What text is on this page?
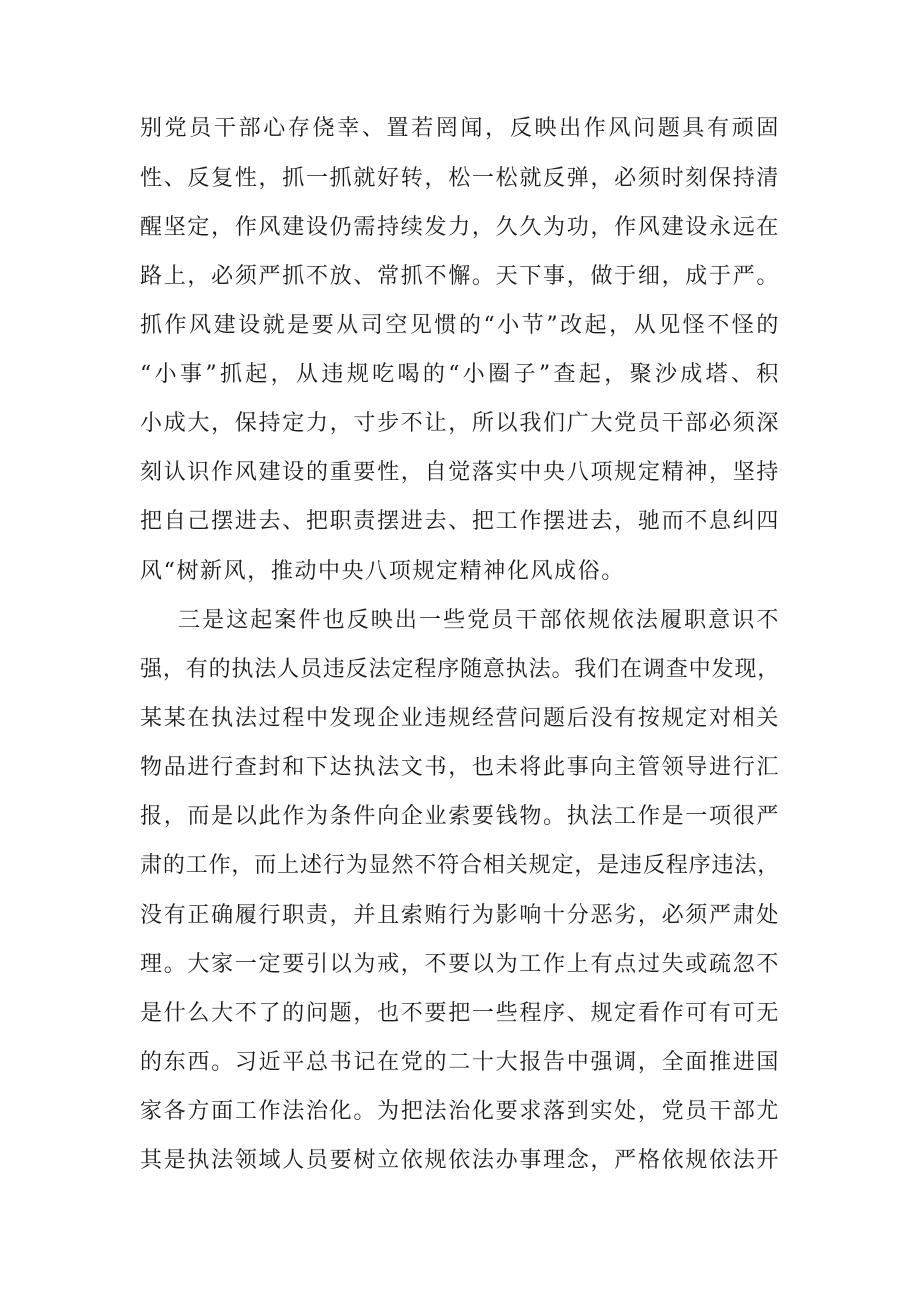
别党员干部心存侥幸、置若罔闻，反映出作风问题具有顽固

性、反复性，抓一抓就好转，松一松就反弹，必须时刻保持清

醒坚定，作风建设仍需持续发力，久久为功，作风建设永远在

路上，必须严抓不放、常抓不懈。天下事，做于细，成于严。

抓作风建设就是要从司空见惯的“小节”改起，从见怪不怪的

“小事”抓起，从违规吃喝的“小圈子”查起，聚沙成塔、积

小成大，保持定力，寸步不让，所以我们广大党员干部必须深

刻认识作风建设的重要性，自觉落实中央八项规定精神，坚持

把自己摆进去、把职责摆进去、把工作摆进去，驰而不息纠四

风“树新风，推动中央八项规定精神化风成俗。

三是这起案件也反映出一些党员干部依规依法履职意识不

强，有的执法人员违反法定程序随意执法。我们在调查中发现，

某某在执法过程中发现企业违规经营问题后没有按规定对相关

物品进行查封和下达执法文书，也未将此事向主管领导进行汇

报，而是以此作为条件向企业索要钱物。执法工作是一项很严

肃的工作，而上述行为显然不符合相关规定，是违反程序违法，

没有正确履行职责，并且索贿行为影响十分恶劣，必须严肃处

理。大家一定要引以为戒，不要以为工作上有点过失或疏忽不

是什么大不了的问题，也不要把一些程序、规定看作可有可无

的东西。习近平总书记在党的二十大报告中强调，全面推进国

家各方面工作法治化。为把法治化要求落到实处，党员干部尤

其是执法领域人员要树立依规依法办事理念，严格依规依法开
